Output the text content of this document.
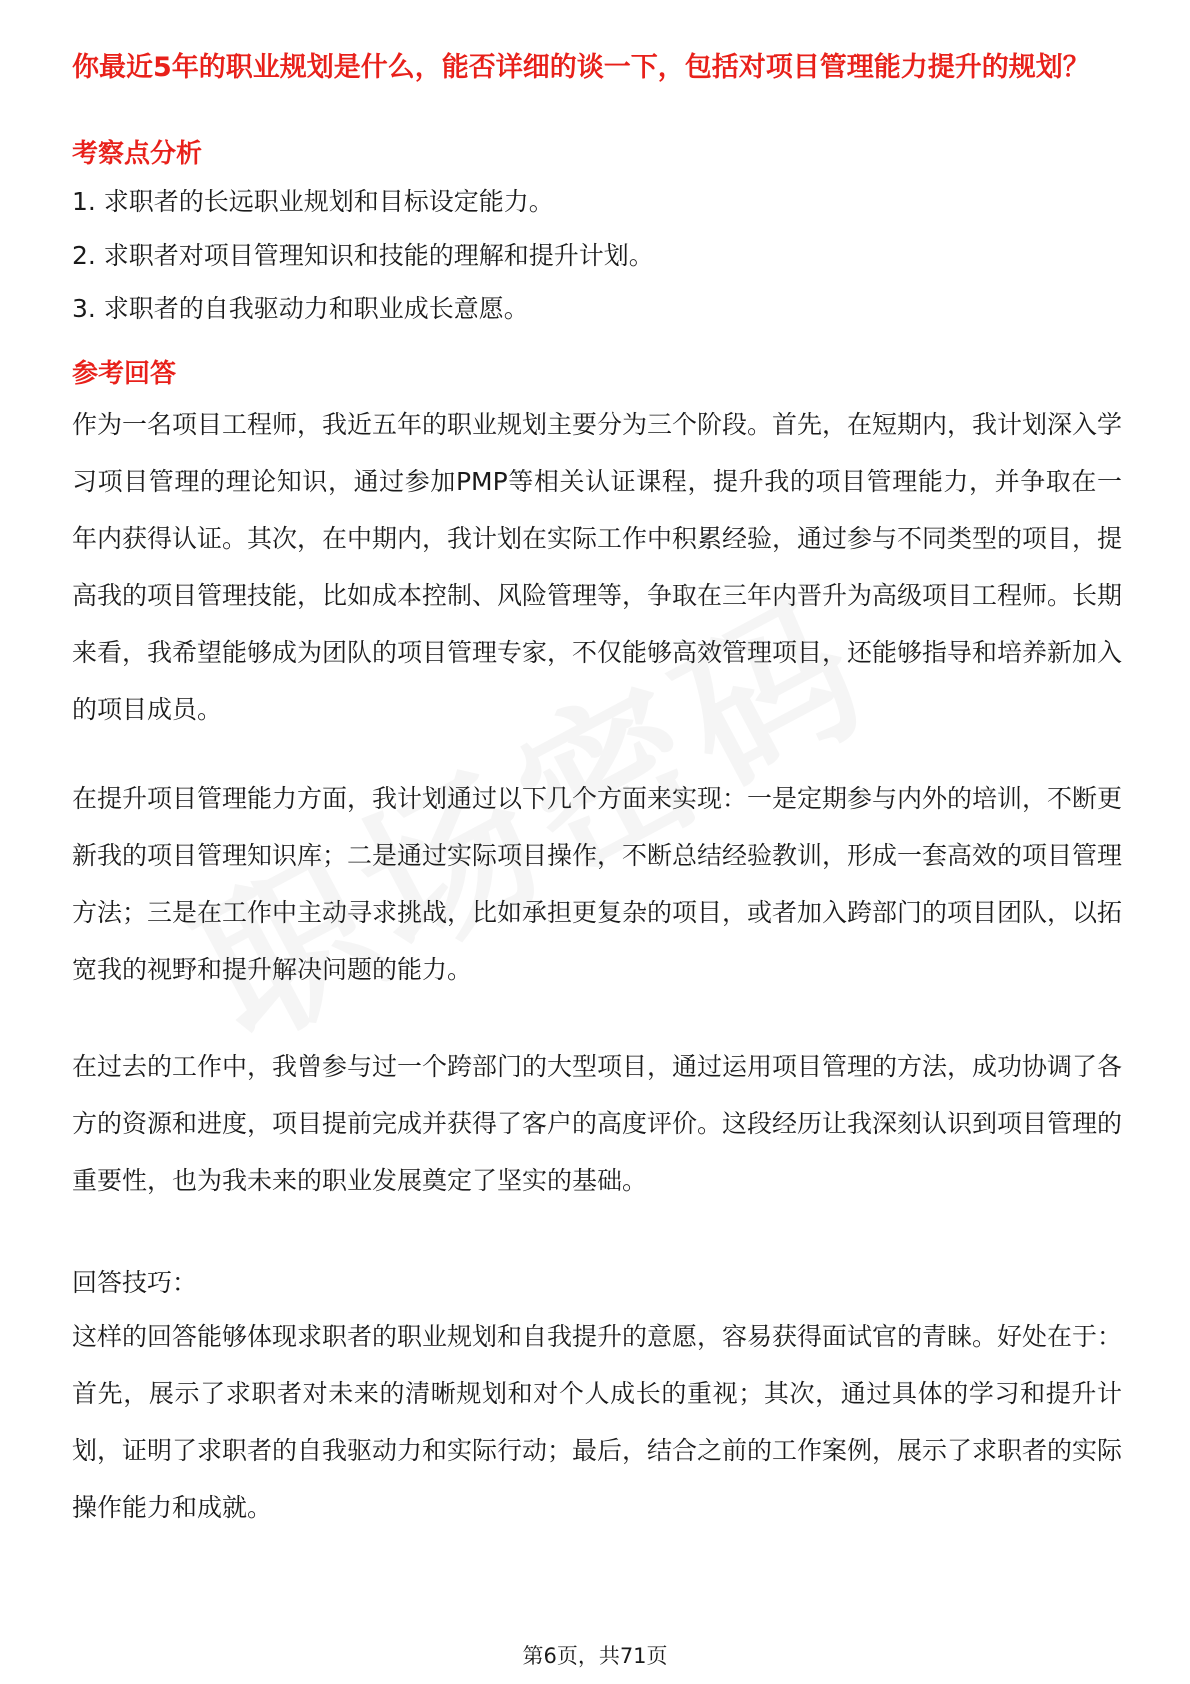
你最近5年的职业规划是什么，能否详细的谈一下，包括对项目管理能力提升的规划？
考察点分析

1. 求职者的长远职业规划和目标设定能力。

2. 求职者对项目管理知识和技能的理解和提升计划。

3. 求职者的自我驱动力和职业成长意愿。

参考回答

作为一名项目工程师，我近五年的职业规划主要分为三个阶段。首先，在短期内，我计划深入学习项目管理的理论知识，通过参加PMP等相关认证课程，提升我的项目管理能力，并争取在一年内获得认证。其次，在中期内，我计划在实际工作中积累经验，通过参与不同类型的项目，提高我的项目管理技能，比如成本控制、风险管理等，争取在三年内晋升为高级项目工程师。长期来看，我希望能够成为团队的项目管理专家，不仅能够高效管理项目，还能够指导和培养新加入的项目成员。

在提升项目管理能力方面，我计划通过以下几个方面来实现：一是定期参与内外的培训，不断更新我的项目管理知识库；二是通过实际项目操作，不断总结经验教训，形成一套高效的项目管理方法；三是在工作中主动寻求挑战，比如承担更复杂的项目，或者加入跨部门的项目团队，以拓宽我的视野和提升解决问题的能力。

在过去的工作中，我曾参与过一个跨部门的大型项目，通过运用项目管理的方法，成功协调了各方的资源和进度，项目提前完成并获得了客户的高度评价。这段经历让我深刻认识到项目管理的重要性，也为我未来的职业发展奠定了坚实的基础。

回答技巧：

这样的回答能够体现求职者的职业规划和自我提升的意愿，容易获得面试官的青睐。好处在于：首先，展示了求职者对未来的清晰规划和对个人成长的重视；其次，通过具体的学习和提升计划，证明了求职者的自我驱动力和实际行动；最后，结合之前的工作案例，展示了求职者的实际操作能力和成就。

第6页，共71页
